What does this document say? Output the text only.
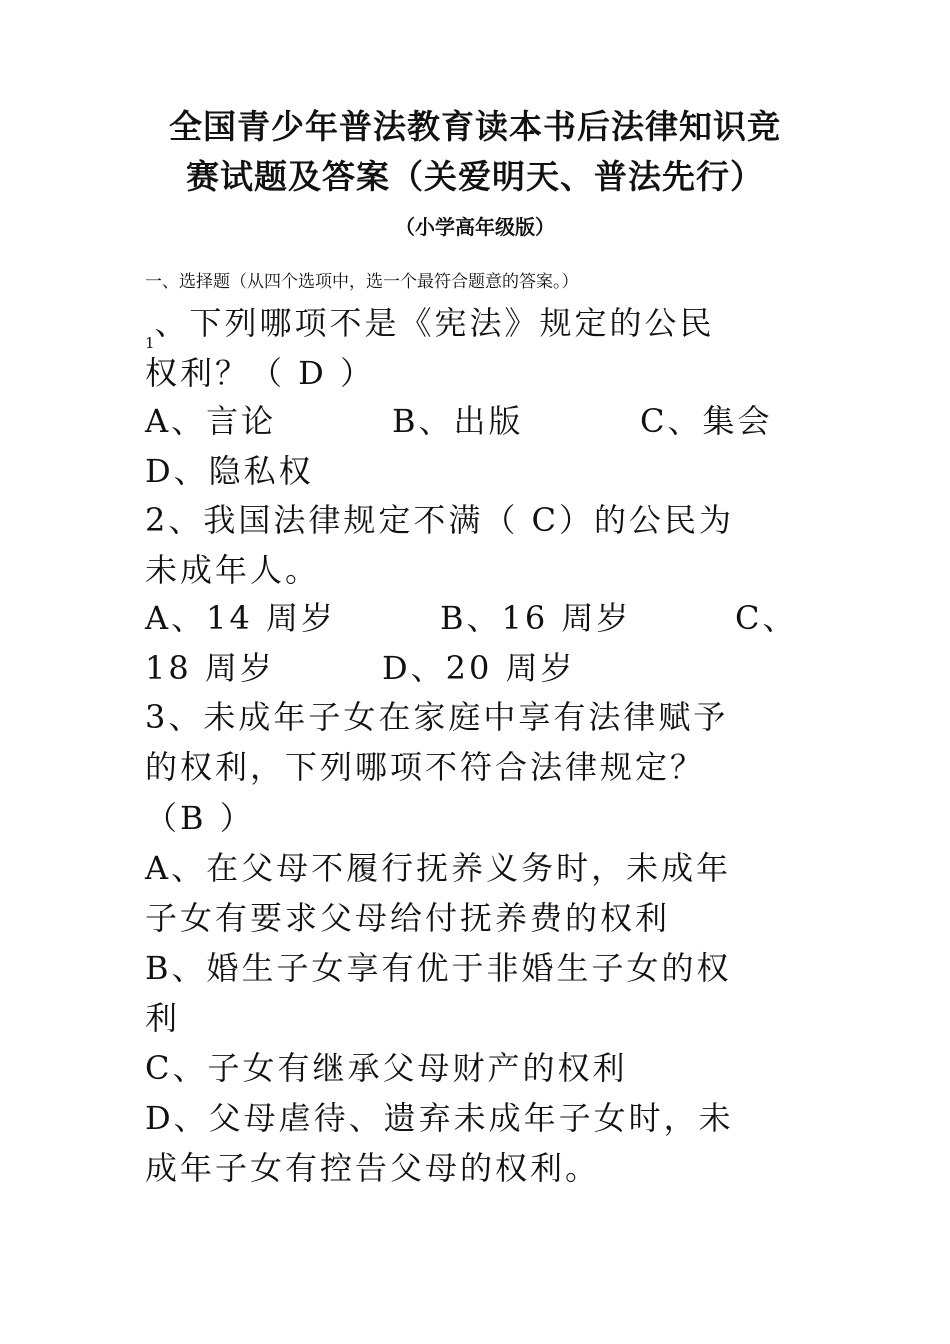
全国青少年普法教育读本书后法律知识竞
赛试题及答案（关爱明天、普法先行）
（小学高年级版）
一、选择题（从四个选项中，选一个最符合题意的答案。）
1、下列哪项不是《宪法》规定的公民
权利？（ D ）
A、言论	B、出版	C、集会
D、隐私权
2、我国法律规定不满（ C）的公民为
未成年人。
A、14 周岁	B、16 周岁	C、
18 周岁	D、20 周岁
3、未成年子女在家庭中享有法律赋予
的权利，下列哪项不符合法律规定？
（B ）
A、在父母不履行抚养义务时，未成年
子女有要求父母给付抚养费的权利
B、婚生子女享有优于非婚生子女的权
利
C、子女有继承父母财产的权利
D、父母虐待、遗弃未成年子女时，未
成年子女有控告父母的权利。
